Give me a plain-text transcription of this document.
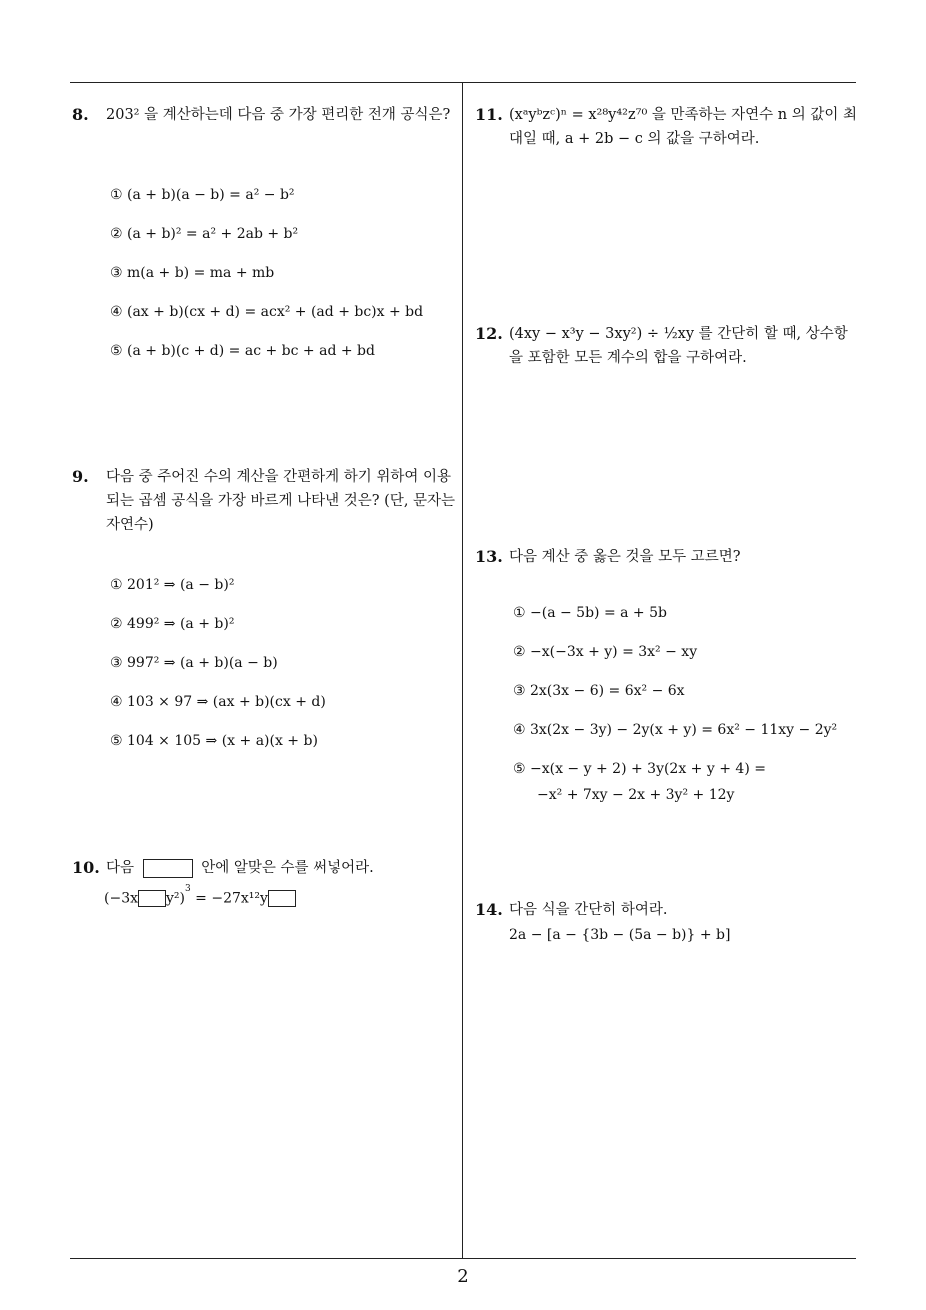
8.	203² 을 계산하는데 다음 중 가장 편리한 전개 공식은?
① (a + b)(a − b) = a² − b²
② (a + b)² = a² + 2ab + b²
③ m(a + b) = ma + mb
④ (ax + b)(cx + d) = acx² + (ad + bc)x + bd
⑤ (a + b)(c + d) = ac + bc + ad + bd
9.	다음 중 주어진 수의 계산을 간편하게 하기 위하여 이용되는 곱셈 공식을 가장 바르게 나타낸 것은? (단, 문자는 자연수)
① 201² ⇒ (a − b)²
② 499² ⇒ (a + b)²
③ 997² ⇒ (a + b)(a − b)
④ 103 × 97 ⇒ (ax + b)(cx + d)
⑤ 104 × 105 ⇒ (x + a)(x + b)
10. 다음	안에 알맞은 수를 써넣어라.
(−3x y²)$^3$ = −27x¹²y
11. (xᵃyᵇzᶜ)ⁿ = x²⁸y⁴²z⁷⁰ 을 만족하는 자연수 n 의 값이 최대일 때, a + 2b − c 의 값을 구하여라.
12. (4xy − x³y − 3xy²) ÷ ½xy 를 간단히 할 때, 상수항을 포함한 모든 계수의 합을 구하여라.
13. 다음 계산 중 옳은 것을 모두 고르면?
① −(a − 5b) = a + 5b
② −x(−3x + y) = 3x² − xy
③ 2x(3x − 6) = 6x² − 6x
④ 3x(2x − 3y) − 2y(x + y) = 6x² − 11xy − 2y²
⑤ −x(x − y + 2) + 3y(2x + y + 4) =
−x² + 7xy − 2x + 3y² + 12y
14. 다음 식을 간단히 하여라.
2a − [a − {3b − (5a − b)} + b]
2
